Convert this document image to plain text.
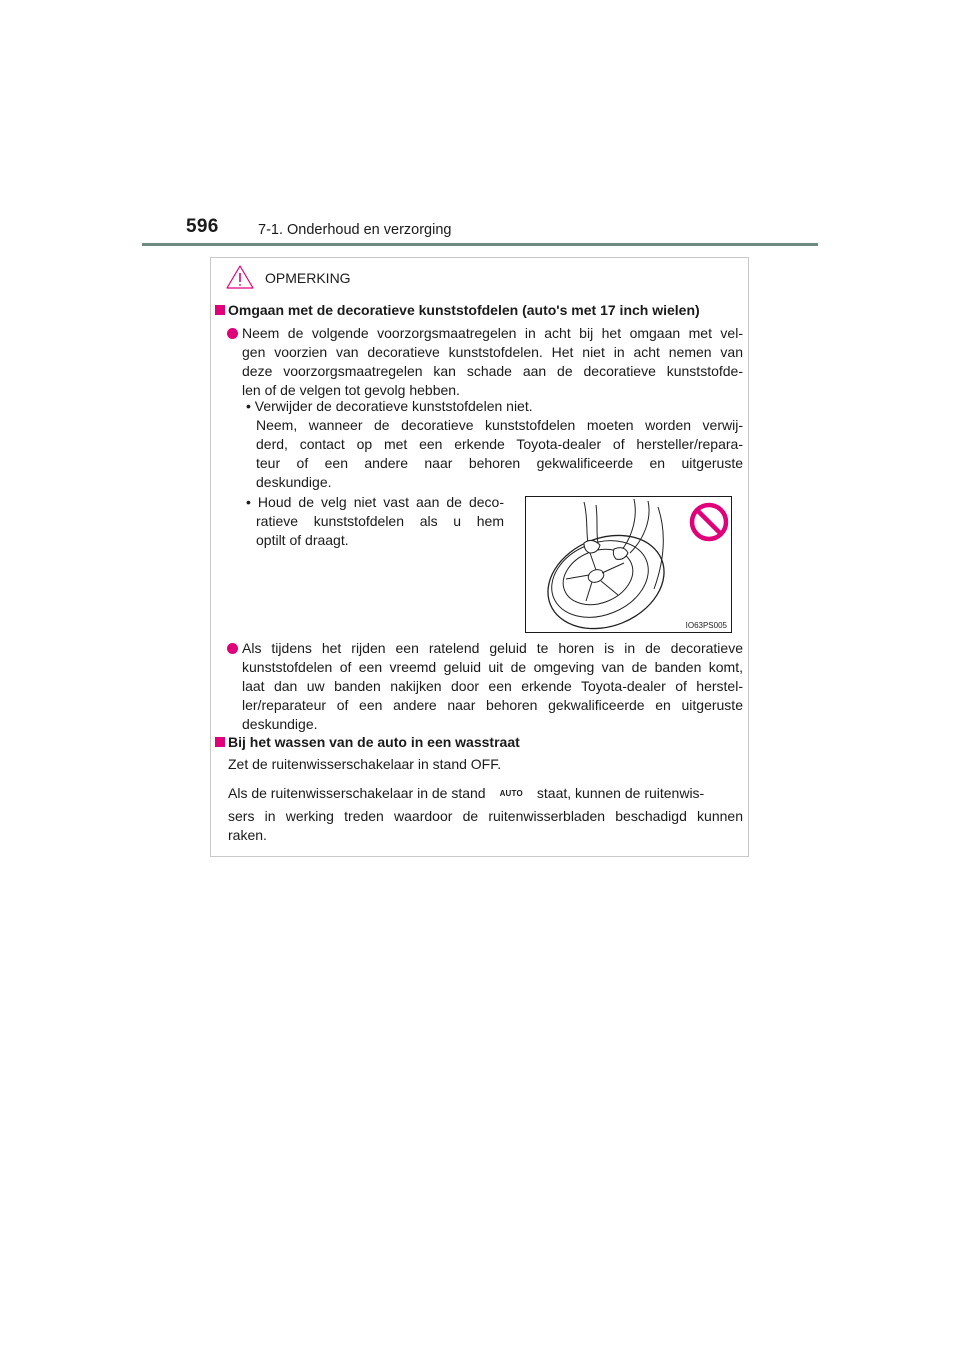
596	7-1. Onderhoud en verzorging
OPMERKING
Omgaan met de decoratieve kunststofdelen (auto's met 17 inch wielen)
Neem de volgende voorzorgsmaatregelen in acht bij het omgaan met vel-
gen voorzien van decoratieve kunststofdelen. Het niet in acht nemen van
deze voorzorgsmaatregelen kan schade aan de decoratieve kunststofde-
len of de velgen tot gevolg hebben.
• Verwijder de decoratieve kunststofdelen niet.
Neem, wanneer de decoratieve kunststofdelen moeten worden verwij-
derd, contact op met een erkende Toyota-dealer of hersteller/repara-
teur of een andere naar behoren gekwalificeerde en uitgeruste
deskundige.
• Houd de velg niet vast aan de deco-
ratieve kunststofdelen als u hem
optilt of draagt.
IO63PS005
Als tijdens het rijden een ratelend geluid te horen is in de decoratieve
kunststofdelen of een vreemd geluid uit de omgeving van de banden komt,
laat dan uw banden nakijken door een erkende Toyota-dealer of herstel-
ler/reparateur of een andere naar behoren gekwalificeerde en uitgeruste
deskundige.
Bij het wassen van de auto in een wasstraat
Zet de ruitenwisserschakelaar in stand OFF.
Als de ruitenwisserschakelaar in de stand AUTO staat, kunnen de ruitenwis-
sers in werking treden waardoor de ruitenwisserbladen beschadigd kunnen
raken.
